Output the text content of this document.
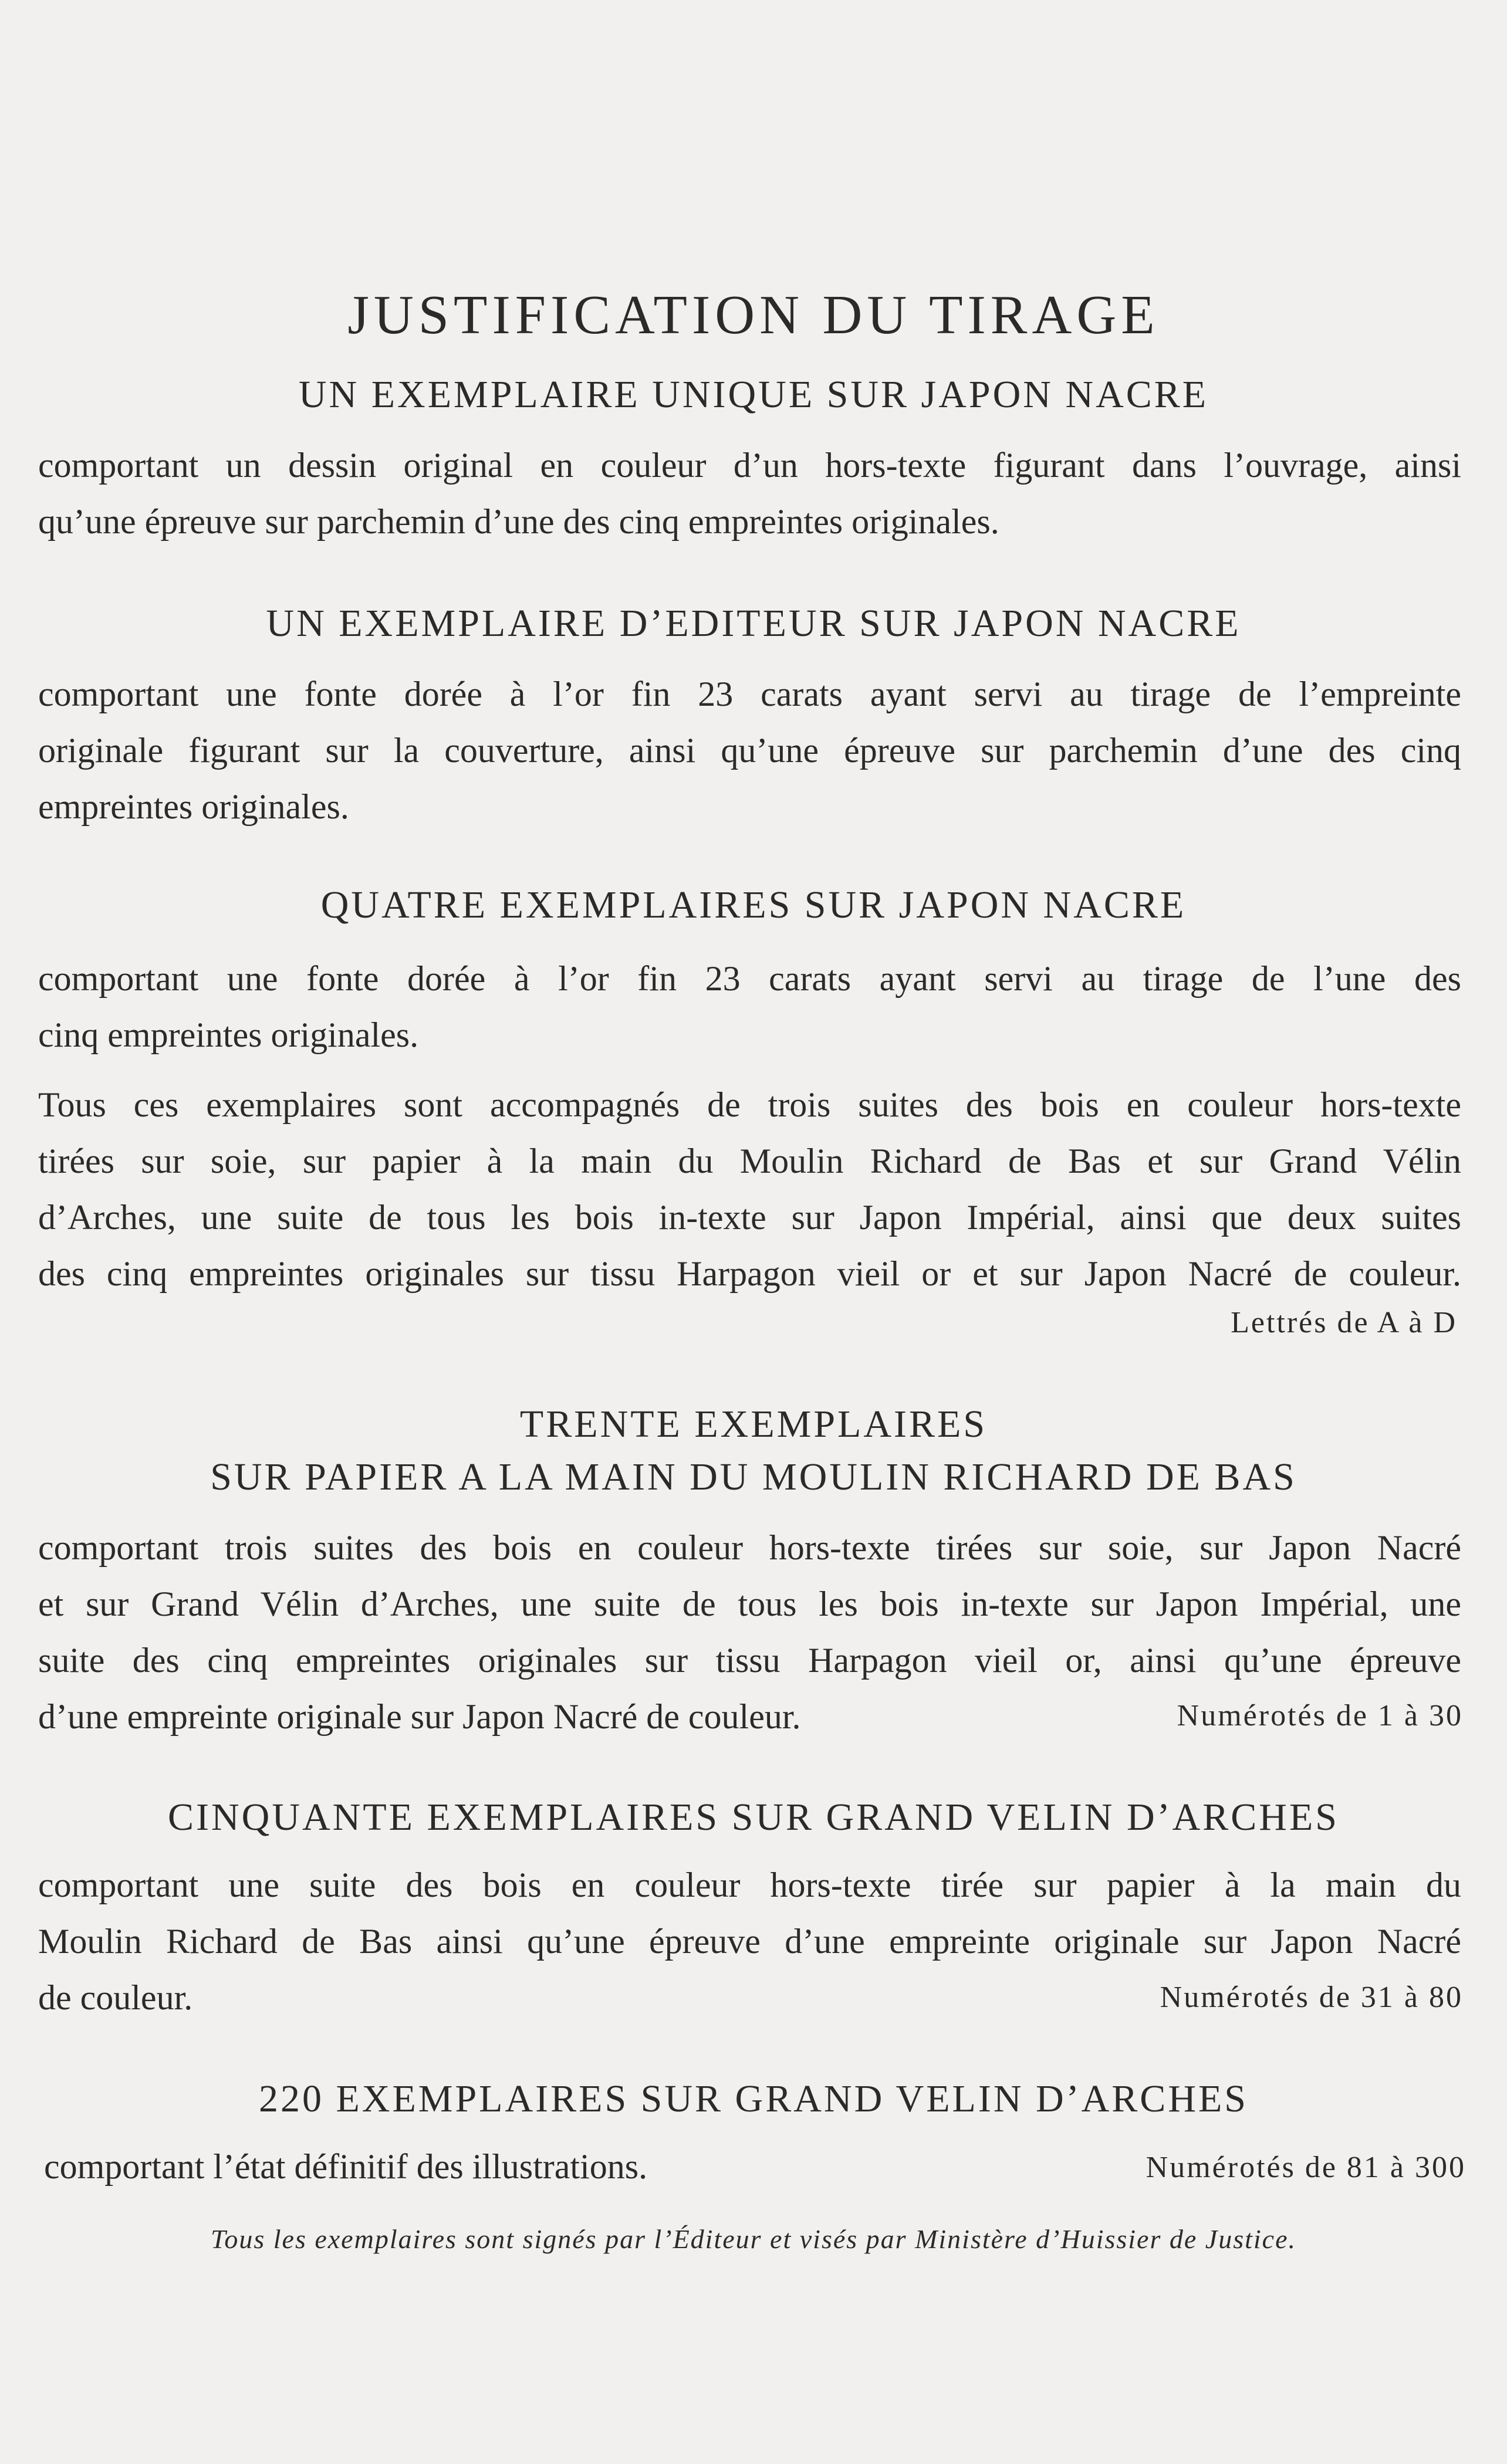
JUSTIFICATION DU TIRAGE
UN EXEMPLAIRE UNIQUE SUR JAPON NACRE
comportant un dessin original en couleur d’un hors-texte figurant dans l’ouvrage, ainsi
qu’une épreuve sur parchemin d’une des cinq empreintes originales.
UN EXEMPLAIRE D’EDITEUR SUR JAPON NACRE
comportant une fonte dorée à l’or fin 23 carats ayant servi au tirage de l’empreinte
originale figurant sur la couverture, ainsi qu’une épreuve sur parchemin d’une des cinq
empreintes originales.
QUATRE EXEMPLAIRES SUR JAPON NACRE
comportant une fonte dorée à l’or fin 23 carats ayant servi au tirage de l’une des
cinq empreintes originales.
Tous ces exemplaires sont accompagnés de trois suites des bois en couleur hors-texte
tirées sur soie, sur papier à la main du Moulin Richard de Bas et sur Grand Vélin
d’Arches, une suite de tous les bois in-texte sur Japon Impérial, ainsi que deux suites
des cinq empreintes originales sur tissu Harpagon vieil or et sur Japon Nacré de couleur.
Lettrés de A à D
TRENTE EXEMPLAIRES
SUR PAPIER A LA MAIN DU MOULIN RICHARD DE BAS
comportant trois suites des bois en couleur hors-texte tirées sur soie, sur Japon Nacré
et sur Grand Vélin d’Arches, une suite de tous les bois in-texte sur Japon Impérial, une
suite des cinq empreintes originales sur tissu Harpagon vieil or, ainsi qu’une épreuve
d’une empreinte originale sur Japon Nacré de couleur.	Numérotés de 1 à 30
CINQUANTE EXEMPLAIRES SUR GRAND VELIN D’ARCHES
comportant une suite des bois en couleur hors-texte tirée sur papier à la main du
Moulin Richard de Bas ainsi qu’une épreuve d’une empreinte originale sur Japon Nacré
de couleur.	Numérotés de 31 à 80
220 EXEMPLAIRES SUR GRAND VELIN D’ARCHES
comportant l’état définitif des illustrations.	Numérotés de 81 à 300
Tous les exemplaires sont signés par l’Éditeur et visés par Ministère d’Huissier de Justice.
